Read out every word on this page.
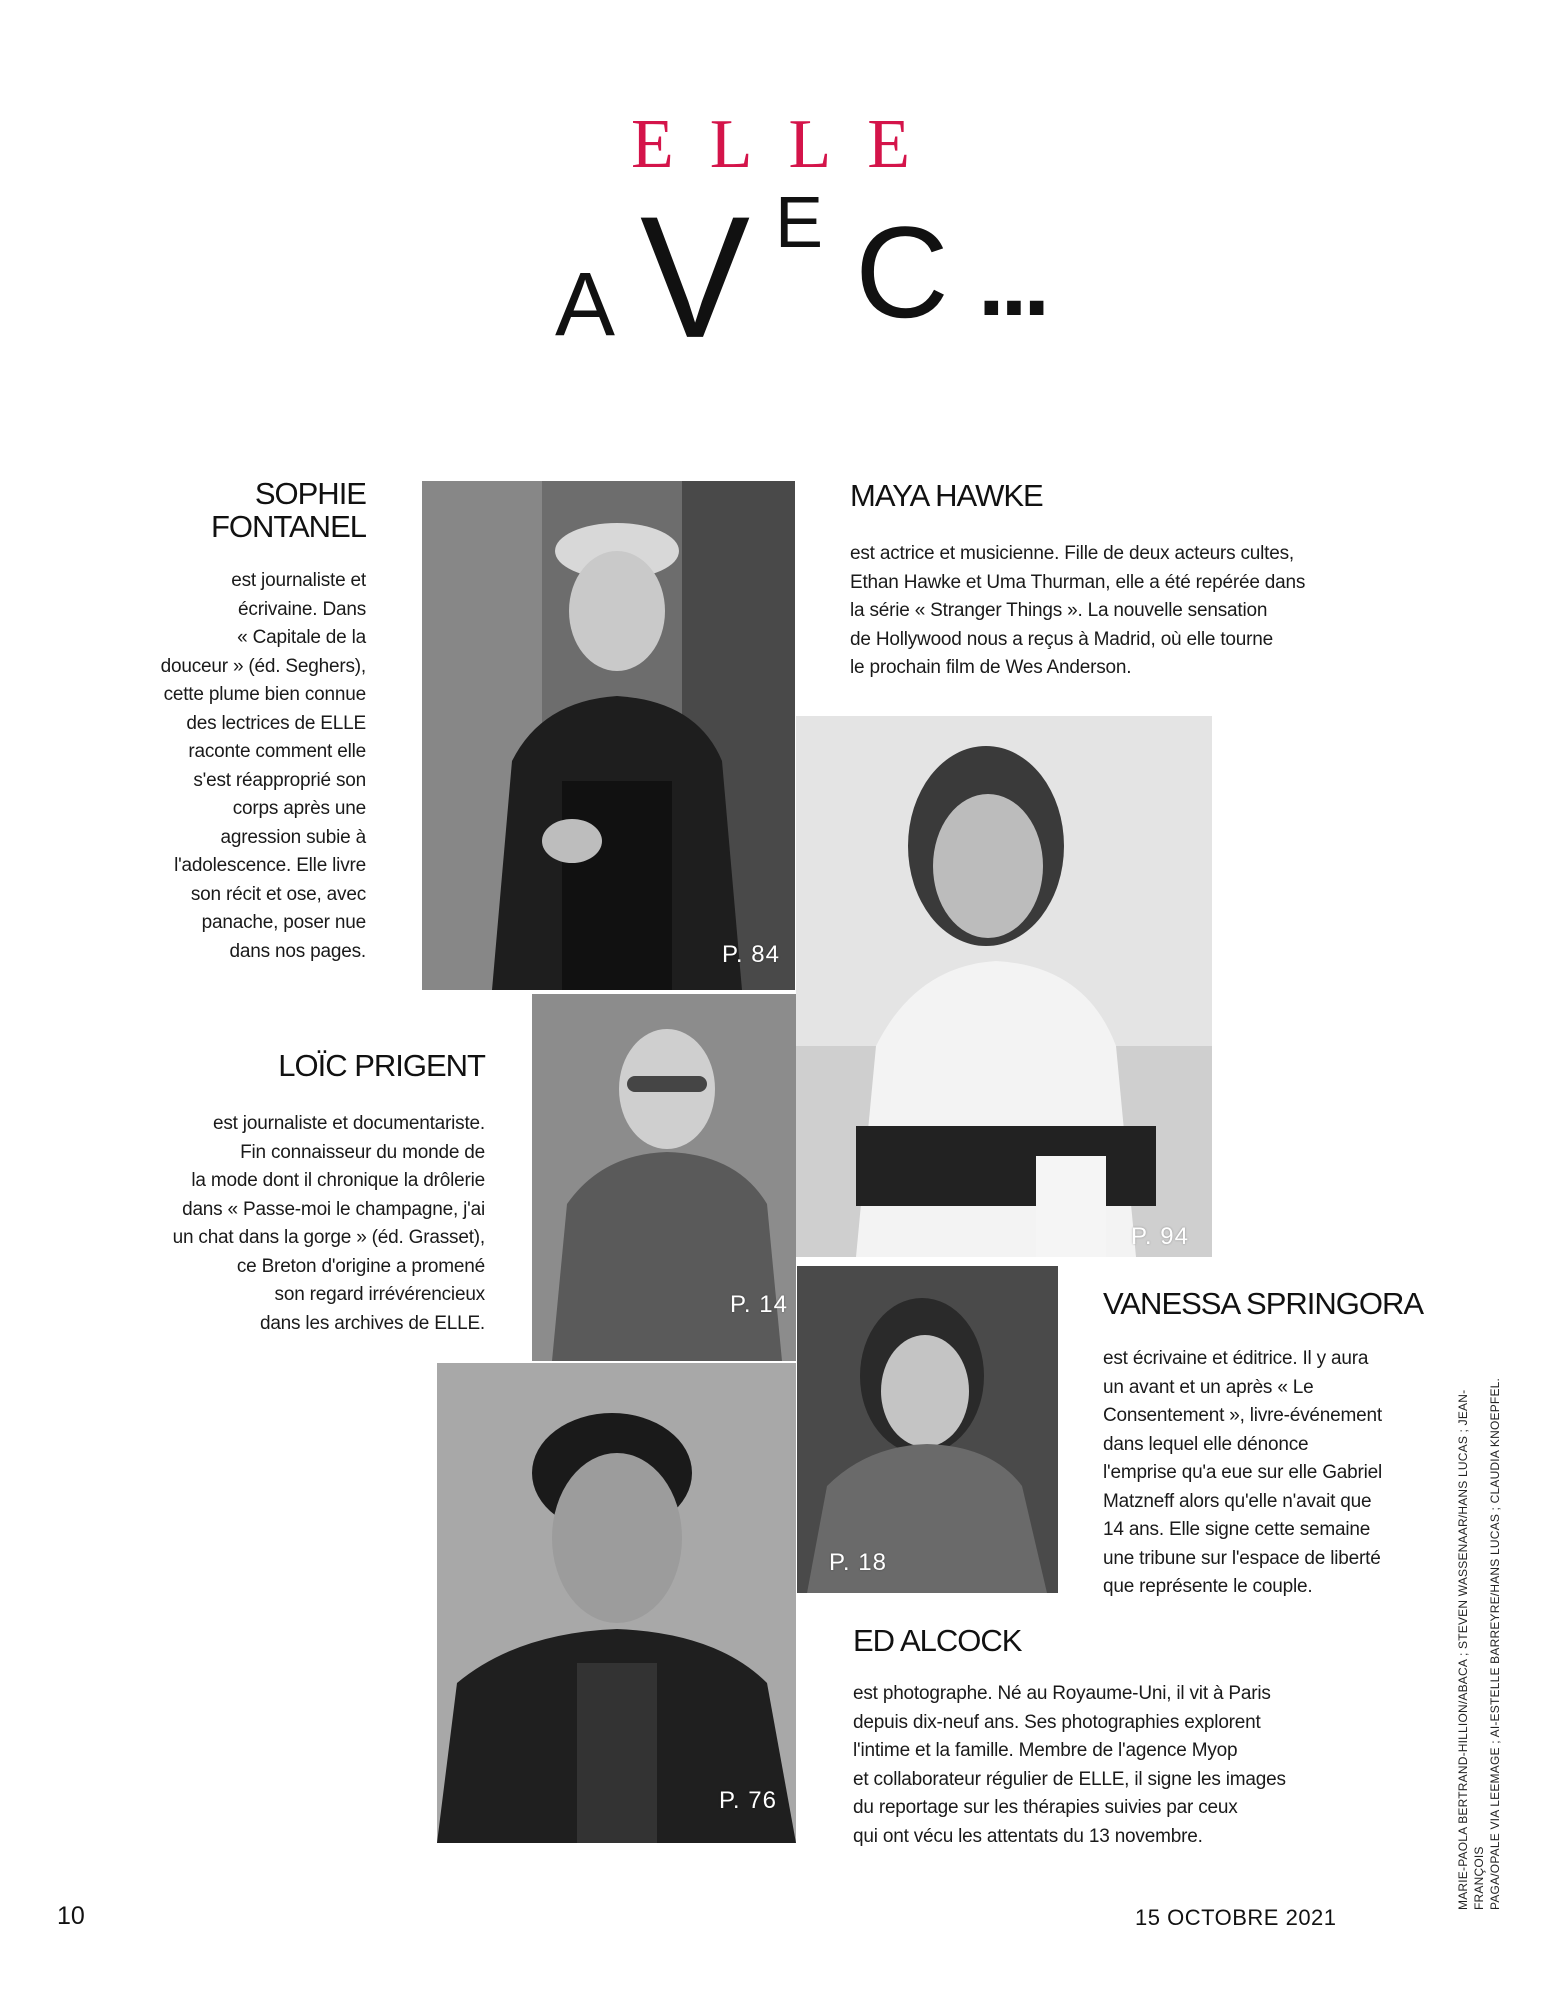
ELLE
A V E C ...
SOPHIE
FONTANEL
est journaliste et
écrivaine. Dans
« Capitale de la
douceur » (éd. Seghers),
cette plume bien connue
des lectrices de ELLE
raconte comment elle
s'est réapproprié son
corps après une
agression subie à
l'adolescence. Elle livre
son récit et ose, avec
panache, poser nue
dans nos pages.	P. 84
MAYA HAWKE
est actrice et musicienne. Fille de deux acteurs cultes,
Ethan Hawke et Uma Thurman, elle a été repérée dans
la série « Stranger Things ». La nouvelle sensation
de Hollywood nous a reçus à Madrid, où elle tourne
le prochain film de Wes Anderson.
P. 94
LOÏC PRIGENT
est journaliste et documentariste.
Fin connaisseur du monde de
la mode dont il chronique la drôlerie
dans « Passe-moi le champagne, j'ai
un chat dans la gorge » (éd. Grasset),
ce Breton d'origine a promené
son regard irrévérencieux
dans les archives de ELLE.
P. 14	VANESSA SPRINGORA
est écrivaine et éditrice. Il y aura
un avant et un après « Le
Consentement », livre-événement
dans lequel elle dénonce
l'emprise qu'a eue sur elle Gabriel
Matzneff alors qu'elle n'avait que
14 ans. Elle signe cette semaine
une tribune sur l'espace de liberté
que représente le couple.
P. 18
ED ALCOCK
est photographe. Né au Royaume-Uni, il vit à Paris
depuis dix-neuf ans. Ses photographies explorent
l'intime et la famille. Membre de l'agence Myop
et collaborateur régulier de ELLE, il signe les images
du reportage sur les thérapies suivies par ceux
qui ont vécu les attentats du 13 novembre.
P. 76	MARIE-PAOLA BERTRAND-HILLION/ABACA ; STEVEN WASSENAAR/HANS LUCAS ; JEAN-FRANÇOIS PAGA/OPALE VIA LEEMAGE ; AI-ESTELLE BARREYRE/HANS LUCAS ; CLAUDIA KNOEPFEL.
10	15 OCTOBRE 2021
